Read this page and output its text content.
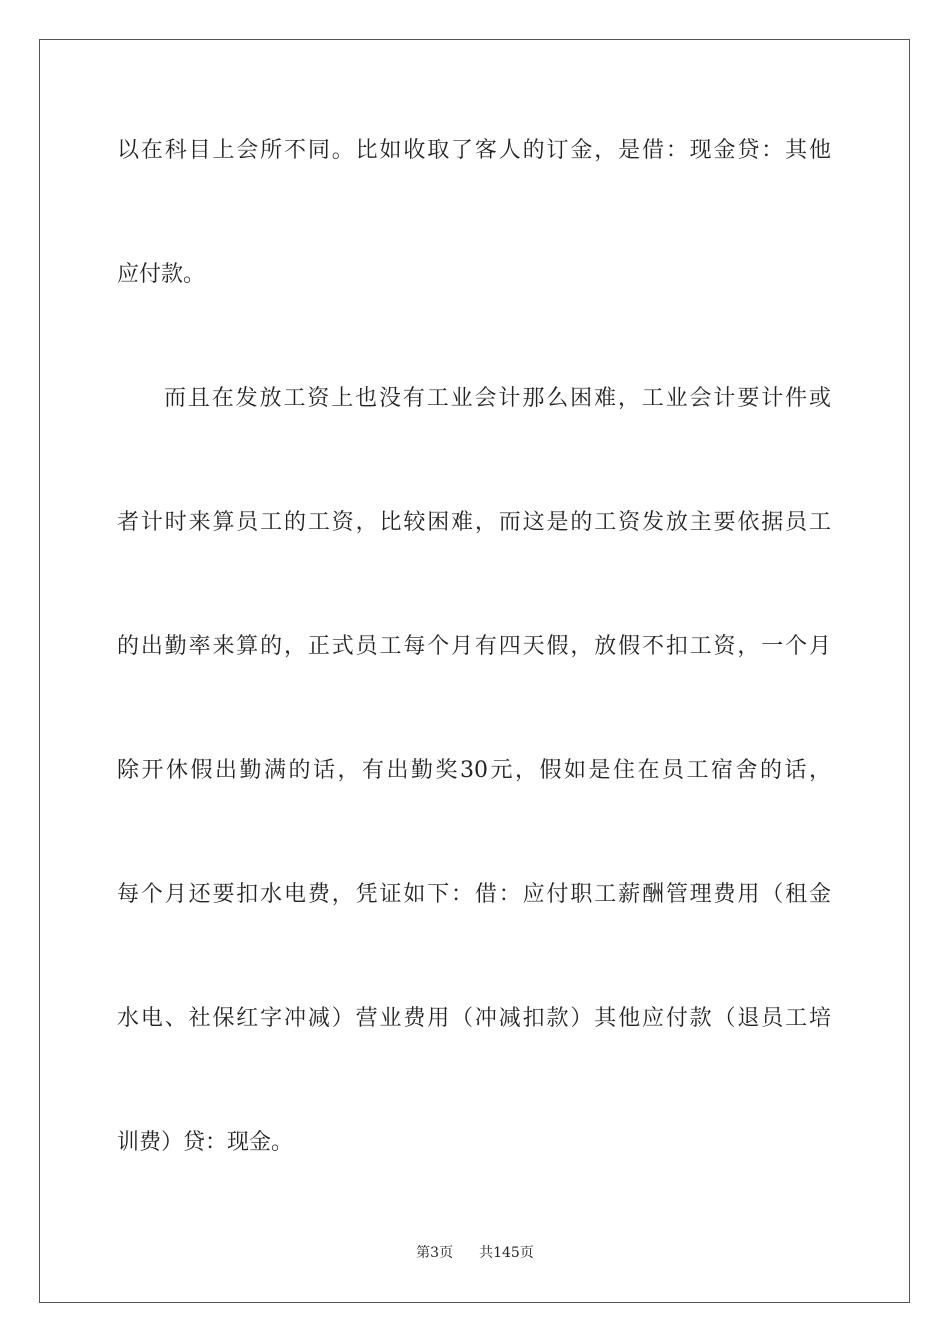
以在科目上会所不同。比如收取了客人的订金，是借：现金贷：其他
应付款。
而且在发放工资上也没有工业会计那么困难，工业会计要计件或
者计时来算员工的工资，比较困难，而这是的工资发放主要依据员工
的出勤率来算的，正式员工每个月有四天假，放假不扣工资，一个月
除开休假出勤满的话，有出勤奖30元，假如是住在员工宿舍的话，
每个月还要扣水电费，凭证如下：借：应付职工薪酬管理费用（租金
水电、社保红字冲减）营业费用（冲减扣款）其他应付款（退员工培
训费）贷：现金。
第3页 共145页
